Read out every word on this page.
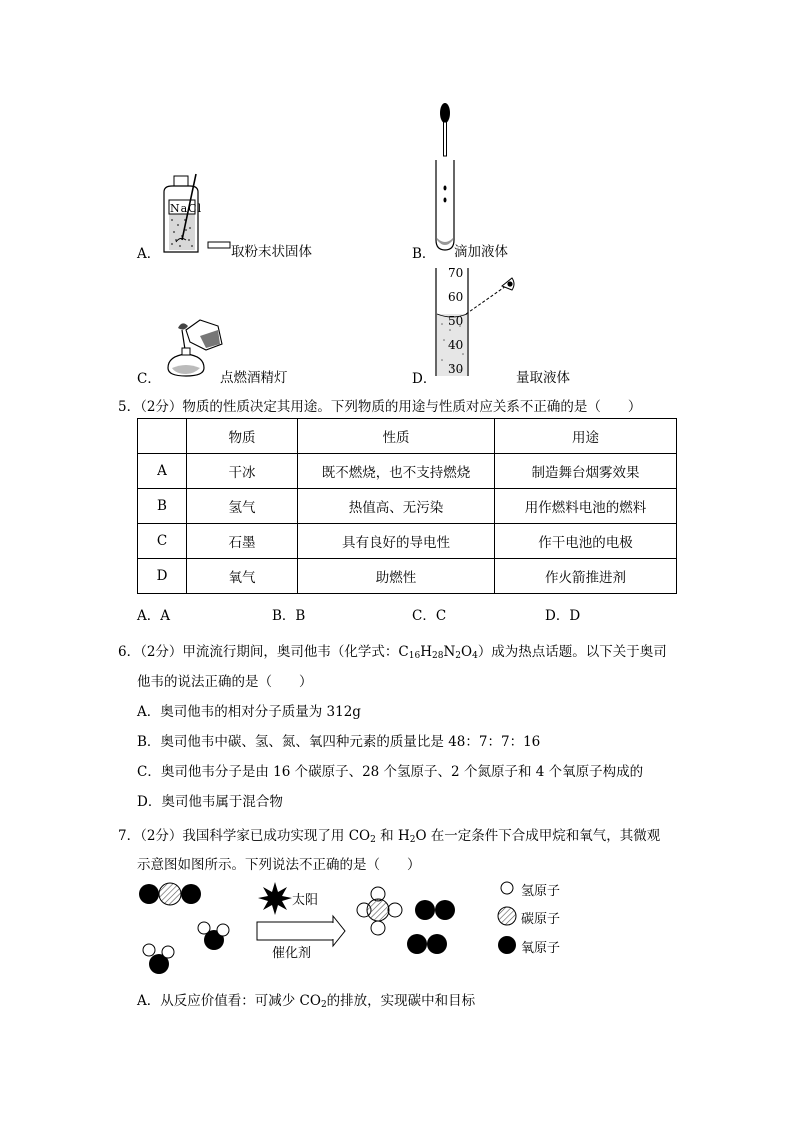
NaCl
A．	取粉末状固体	B． 滴加液体
C．	点燃酒精灯
70
60
50
40
30
D．	量取液体
5．（2分）物质的性质决定其用途。下列物质的用途与性质对应关系不正确的是（　　）
	物质	性质	用途
A	干冰	既不燃烧，也不支持燃烧	制造舞台烟雾效果
B	氢气	热值高、无污染	用作燃料电池的燃料
C	石墨	具有良好的导电性	作干电池的电极
D	氧气	助燃性	作火箭推进剂
A．A	B．B	C．C	D．D
6．（2分）甲流流行期间，奥司他韦（化学式：$C_{16}H_{28}N_2O_4$）成为热点话题。以下关于奥司
他韦的说法正确的是（　　）
A．奥司他韦的相对分子质量为 312g
B．奥司他韦中碳、氢、氮、氧四种元素的质量比是 48：7：7：16
C．奥司他韦分子是由 16 个碳原子、28 个氢原子、2 个氮原子和 4 个氧原子构成的
D．奥司他韦属于混合物
7．（2分）我国科学家已成功实现了用 $CO_2$ 和 $H_2O$ 在一定条件下合成甲烷和氧气，其微观
示意图如图所示。下列说法不正确的是（　　）
太阳
催化剂
氢原子
碳原子
氧原子
A．从反应价值看：可减少 $CO_2$的排放，实现碳中和目标
